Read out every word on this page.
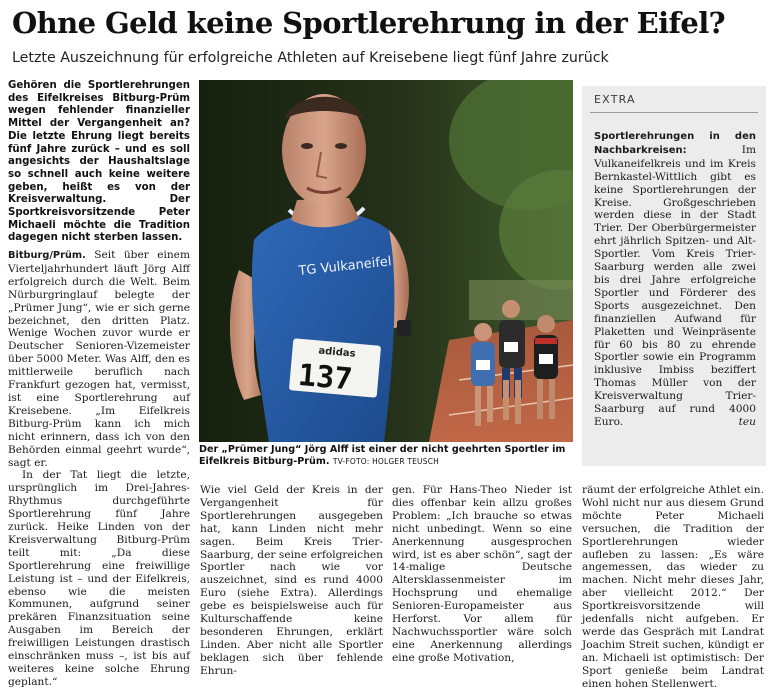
Ohne Geld keine Sportlerehrung in der Eifel?
Letzte Auszeichnung für erfolgreiche Athleten auf Kreisebene liegt fünf Jahre zurück
Gehören die Sportlerehrungen des Eifelkreises Bitburg-Prüm wegen fehlender finanzieller Mittel der Vergangenheit an? Die letzte Ehrung liegt bereits fünf Jahre zurück – und es soll angesichts der Haushaltslage so schnell auch keine weitere geben, heißt es von der Kreisverwaltung. Der Sportkreisvorsitzende Peter Michaeli möchte die Tradition dagegen nicht sterben lassen.

Bitburg/Prüm. Seit über einem Vierteljahrhundert läuft Jörg Alff erfolgreich durch die Welt. Beim Nürburgringlauf belegte der „Prümer Jung“, wie er sich gerne bezeichnet, den dritten Platz. Wenige Wochen zuvor wurde er Deutscher Senioren-Vizemeister über 5000 Meter. Was Alff, den es mittlerweile beruflich nach Frankfurt gezogen hat, vermisst, ist eine Sportlerehrung auf Kreisebene. „Im Eifelkreis Bitburg-Prüm kann ich mich nicht erinnern, dass ich von den Behörden einmal geehrt wurde“, sagt er.

In der Tat liegt die letzte, ursprünglich im Drei-Jahres-Rhythmus durchgeführte Sportlerehrung fünf Jahre zurück. Heike Linden von der Kreisverwaltung Bitburg-Prüm teilt mit: „Da diese Sportlerehrung eine freiwillige Leistung ist – und der Eifelkreis, ebenso wie die meisten Kommunen, aufgrund seiner prekären Finanzsituation seine Ausgaben im Bereich der freiwilligen Leistungen drastisch einschränken muss –, ist bis auf weiteres keine solche Ehrung geplant.“

TG Vulkaneifel
adidas
137
Der „Prümer Jung“ Jörg Alff ist einer der nicht geehrten Sportler im Eifelkreis Bitburg-Prüm. TV-FOTO: HOLGER TEUSCH
EXTRA
Sportlerehrungen in den Nachbarkreisen:	Im Vulkaneifelkreis und im Kreis Bernkastel-Wittlich gibt es keine Sportlerehrungen der Kreise. Großgeschrieben werden diese in der Stadt Trier. Der Oberbürgermeister ehrt jährlich Spitzen- und Alt-Sportler. Vom Kreis Trier-Saarburg werden alle zwei bis drei Jahre erfolgreiche Sportler und Förderer des Sports ausgezeichnet. Den finanziellen Aufwand für Plaketten und Weinpräsente für 60 bis 80 zu ehrende Sportler sowie ein Programm inklusive Imbiss beziffert Thomas Müller von der Kreisverwaltung Trier-Saarburg auf rund 4000 Euro.	teu

Wie viel Geld der Kreis in der Vergangenheit für Sportlerehrungen ausgegeben hat, kann Linden nicht mehr sagen. Beim Kreis Trier-Saarburg, der seine erfolgreichen Sportler nach wie vor auszeichnet, sind es rund 4000 Euro (siehe Extra). Allerdings gebe es beispielsweise auch für Kulturschaffende keine besonderen Ehrungen, erklärt Linden. Aber nicht alle Sportler beklagen sich über fehlende Ehrun-

gen. Für Hans-Theo Nieder ist dies offenbar kein allzu großes Problem: „Ich brauche so etwas nicht unbedingt. Wenn so eine Anerkennung ausgesprochen wird, ist es aber schön“, sagt der 14-malige Deutsche Altersklassenmeister im Hochsprung und ehemalige Senioren-Europameister aus Herforst. Vor allem für Nachwuchssportler wäre solch eine Anerkennung allerdings eine große Motivation,

räumt der erfolgreiche Athlet ein. Wohl nicht nur aus diesem Grund möchte Peter Michaeli versuchen, die Tradition der Sportlerehrungen wieder aufleben zu lassen: „Es wäre angemessen, das wieder zu machen. Nicht mehr dieses Jahr, aber vielleicht 2012.“ Der Sportkreisvorsitzende will jedenfalls nicht aufgeben. Er werde das Gespräch mit Landrat Joachim Streit suchen, kündigt er an. Michaeli ist optimistisch: Der Sport genieße beim Landrat einen hohen Stellenwert.
